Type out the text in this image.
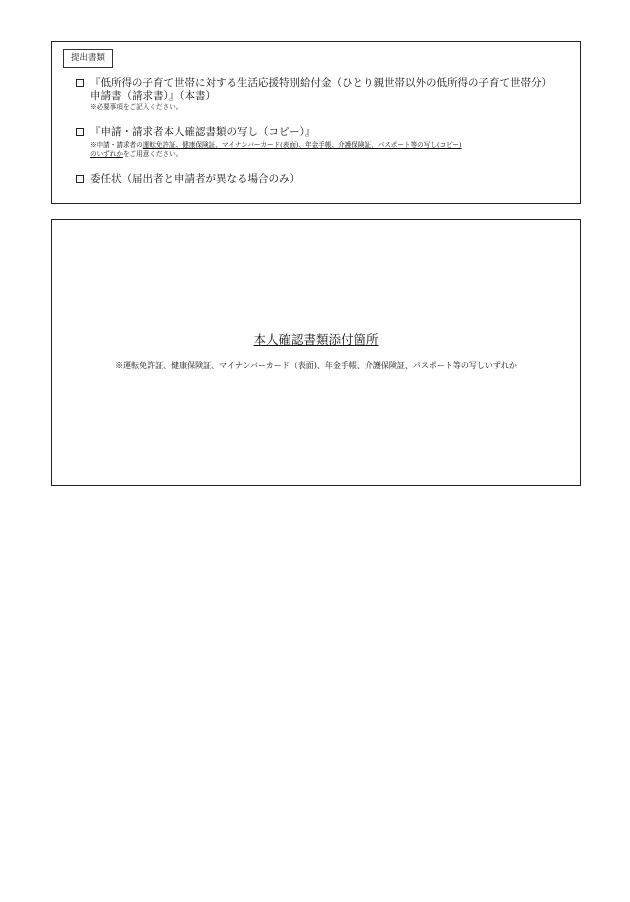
提出書類
『低所得の子育て世帯に対する生活応援特別給付金（ひとり親世帯以外の低所得の子育て世帯分）
申請書（請求書）』（本書）
※必要事項をご記入ください。
『申請・請求者本人確認書類の写し（コピー）』
※申請・請求者の運転免許証、健康保険証、マイナンバーカード(表面)、年金手帳、介護保険証、パスポート等の写し(コピー)
のいずれかをご用意ください。
委任状（届出者と申請者が異なる場合のみ）
本人確認書類添付箇所
※運転免許証、健康保険証、マイナンバーカード（表面)、年金手帳、介護保険証、パスポート等の写しいずれか
